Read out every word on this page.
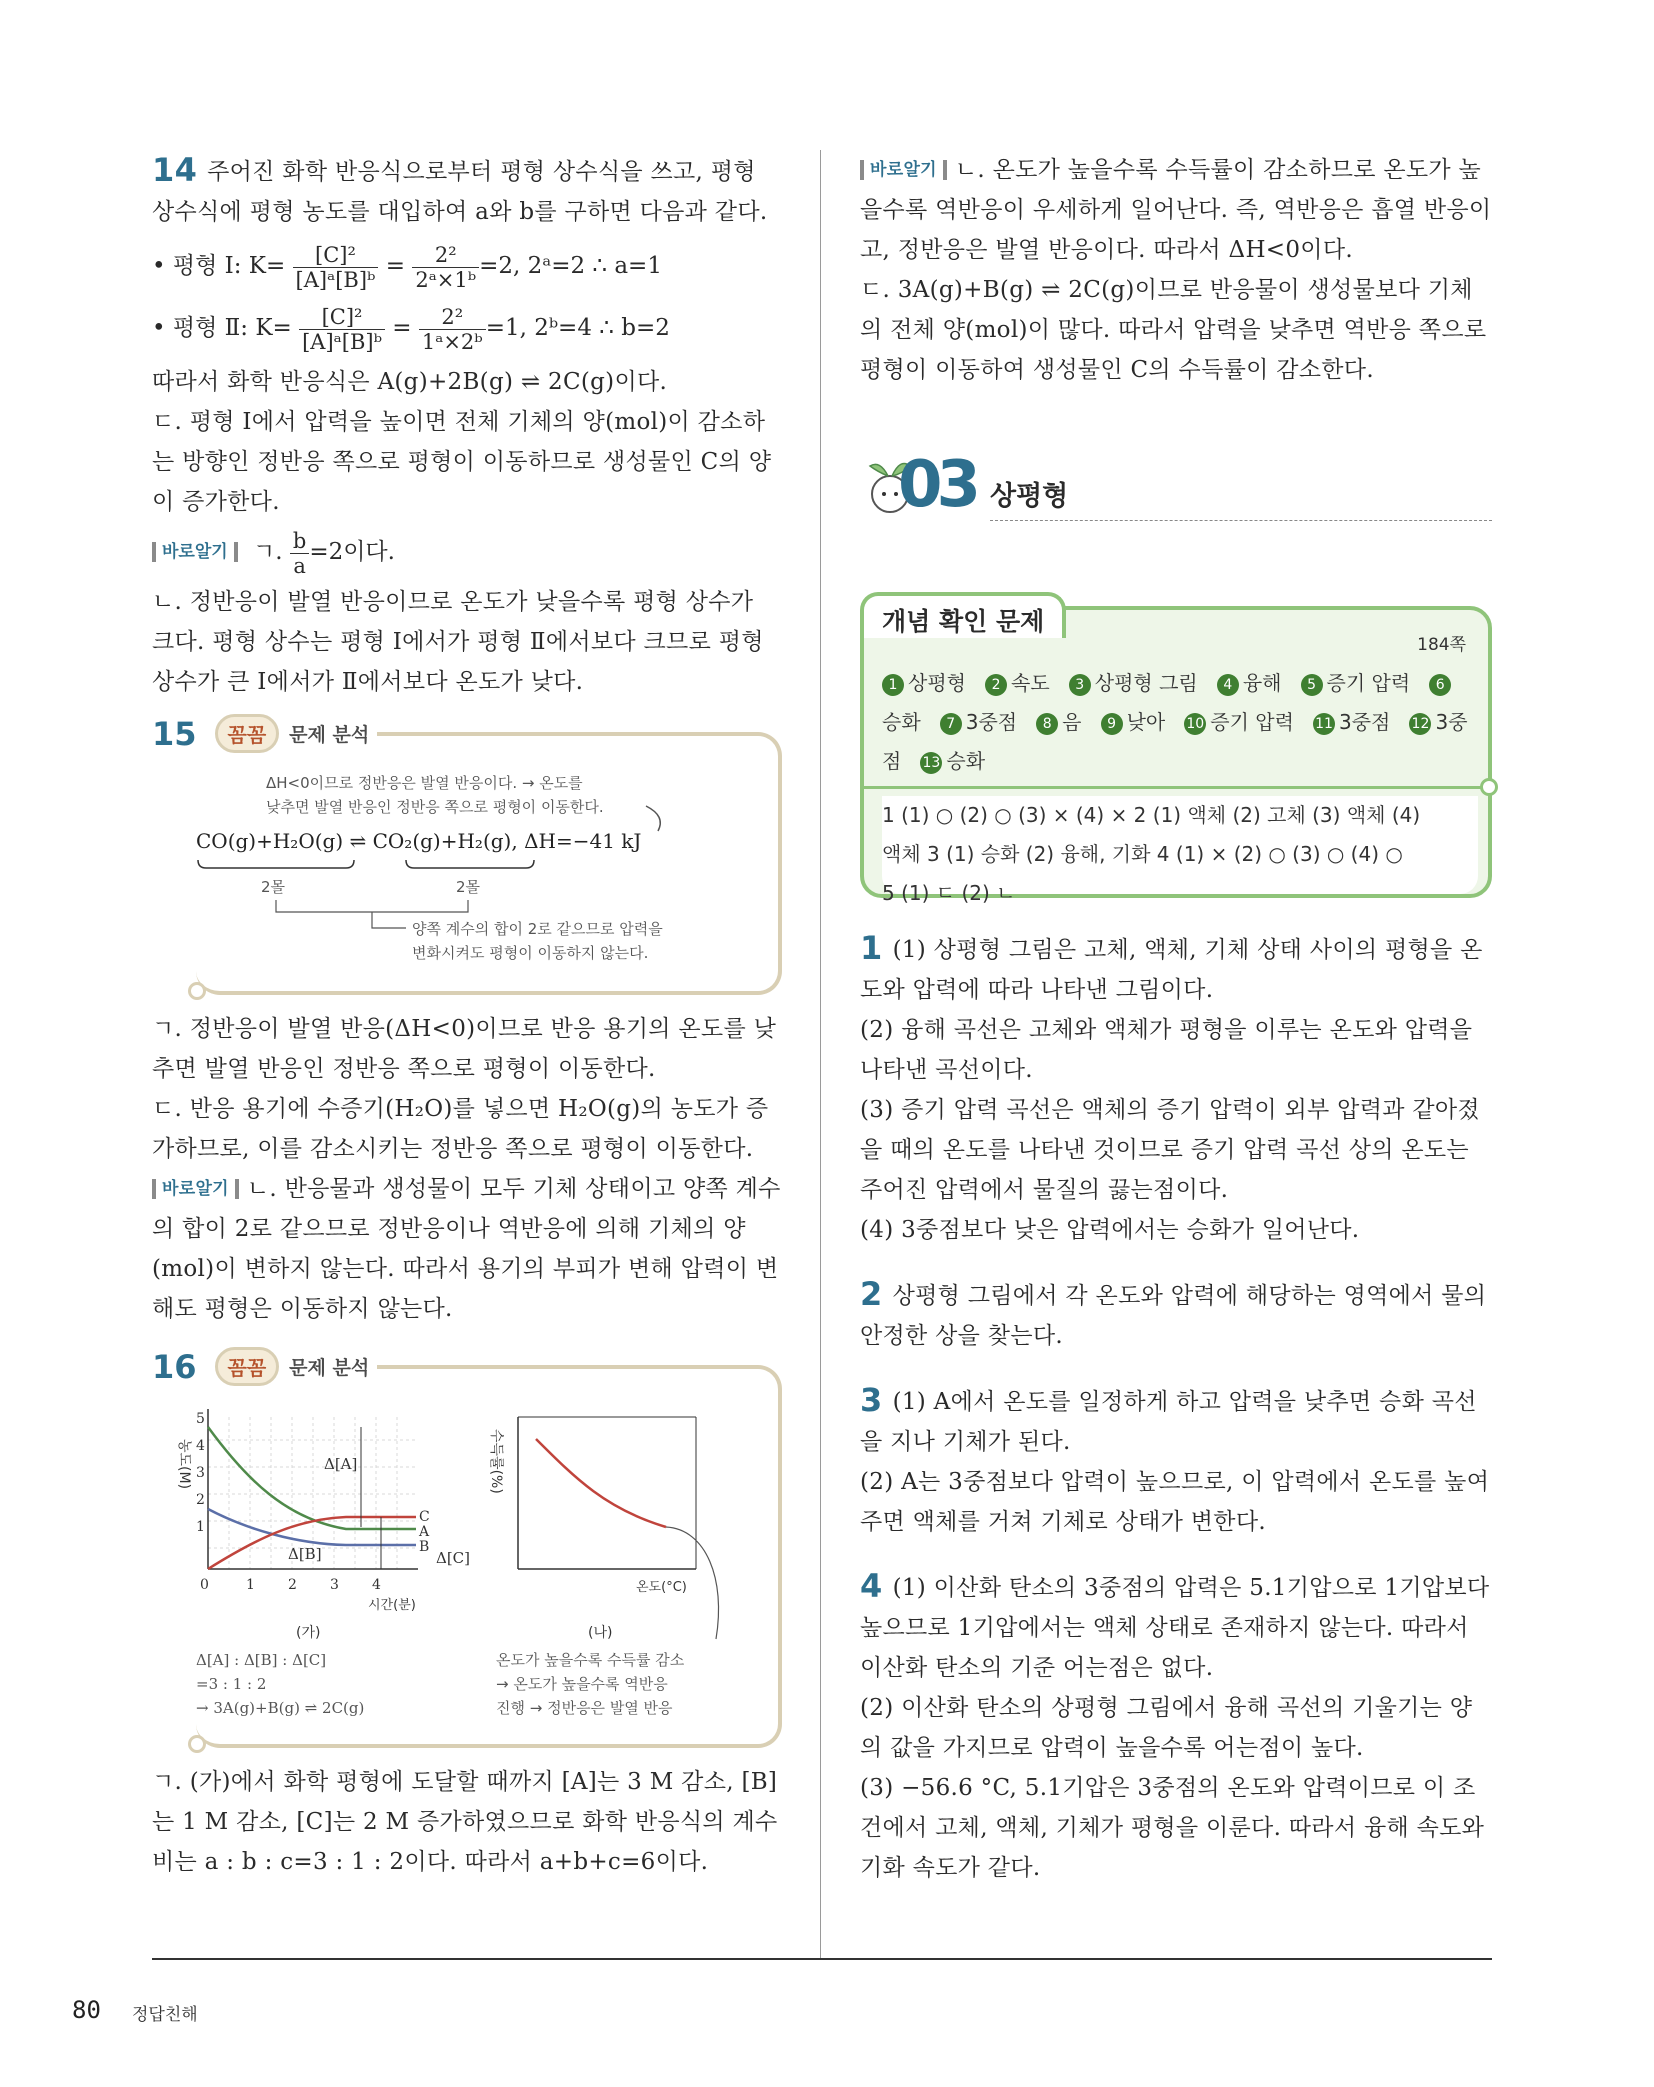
14 주어진 화학 반응식으로부터 평형 상수식을 쓰고, 평형 상수식에 평형 농도를 대입하여 a와 b를 구하면 다음과 같다.
• 평형 Ⅰ: $K= \frac{\text{[C]²}}{\text{[A]ᵃ[B]ᵇ}} = \frac{\text{2²}}{\text{2ᵃ×1ᵇ}} =2$, 2ᵃ=2 ∴ a=1
• 평형 Ⅱ: $K= \frac{\text{[C]²}}{\text{[A]ᵃ[B]ᵇ}} = \frac{\text{2²}}{\text{1ᵃ×2ᵇ}} =1$, 2ᵇ=4 ∴ b=2
따라서 화학 반응식은 A(g)+2B(g) ⇌ 2C(g)이다.
ㄷ. 평형 Ⅰ에서 압력을 높이면 전체 기체의 양(mol)이 감소하는 방향인 정반응 쪽으로 평형이 이동하므로 생성물인 C의 양이 증가한다.
바로알기 ㄱ. $\frac{b}{a} =2$이다.
ㄴ. 정반응이 발열 반응이므로 온도가 낮을수록 평형 상수가 크다. 평형 상수는 평형 Ⅰ에서가 평형 Ⅱ에서보다 크므로 평형 상수가 큰 Ⅰ에서가 Ⅱ에서보다 온도가 낮다.
15	꼼꼼	문제 분석
ΔH<0이므로 정반응은 발열 반응이다. → 온도를
낮추면 발열 반응인 정반응 쪽으로 평형이 이동한다.
CO(g)+H₂O(g) ⇌ CO₂(g)+H₂(g), ΔH=−41 kJ
2몰	2몰
양쪽 계수의 합이 2로 같으므로 압력을
변화시켜도 평형이 이동하지 않는다.
ㄱ. 정반응이 발열 반응(ΔH<0)이므로 반응 용기의 온도를 낮추면 발열 반응인 정반응 쪽으로 평형이 이동한다.
ㄷ. 반응 용기에 수증기(H₂O)를 넣으면 H₂O(g)의 농도가 증가하므로, 이를 감소시키는 정반응 쪽으로 평형이 이동한다.
바로알기 ㄴ. 반응물과 생성물이 모두 기체 상태이고 양쪽 계수의 합이 2로 같으므로 정반응이나 역반응에 의해 기체의 양(mol)이 변하지 않는다. 따라서 용기의 부피가 변해 압력이 변해도 평형은 이동하지 않는다.
16	꼼꼼	문제 분석
농도(M)
5
4
3
2
1
0	1 2 3 4
시간(분)
Δ[A]
Δ[B]	Δ[C]
C
A
B
(가)
Δ[A] : Δ[B] : Δ[C]
=3 : 1 : 2
→ 3A(g)+B(g) ⇌ 2C(g)
수득률(%)
온도(°C)
(나)
온도가 높을수록 수득률 감소
→ 온도가 높을수록 역반응
진행 → 정반응은 발열 반응
ㄱ. (가)에서 화학 평형에 도달할 때까지 [A]는 3 M 감소, [B]는 1 M 감소, [C]는 2 M 증가하였으므로 화학 반응식의 계수비는 a : b : c=3 : 1 : 2이다. 따라서 a+b+c=6이다.
바로알기 ㄴ. 온도가 높을수록 수득률이 감소하므로 온도가 높을수록 역반응이 우세하게 일어난다. 즉, 역반응은 흡열 반응이고, 정반응은 발열 반응이다. 따라서 ΔH<0이다.
ㄷ. 3A(g)+B(g) ⇌ 2C(g)이므로 반응물이 생성물보다 기체의 전체 양(mol)이 많다. 따라서 압력을 낮추면 역반응 쪽으로 평형이 이동하여 생성물인 C의 수득률이 감소한다.
03 상평형
개념 확인 문제
184쪽
1 상평형 2 속도 3 상평형 그림 4 융해 5 증기 압력 6승화 7 3중점 8 음 9 낮아 10 증기 압력 11 3중점 12 3중점 13 승화
1 (1) ○ (2) ○ (3) × (4) × 2 (1) 액체 (2) 고체 (3) 액체 (4)
액체 3 (1) 승화 (2) 융해, 기화 4 (1) × (2) ○ (3) ○ (4) ○
5 (1) ㄷ (2) ㄴ
1 (1) 상평형 그림은 고체, 액체, 기체 상태 사이의 평형을 온도와 압력에 따라 나타낸 그림이다.
(2) 융해 곡선은 고체와 액체가 평형을 이루는 온도와 압력을 나타낸 곡선이다.
(3) 증기 압력 곡선은 액체의 증기 압력이 외부 압력과 같아졌을 때의 온도를 나타낸 것이므로 증기 압력 곡선 상의 온도는 주어진 압력에서 물질의 끓는점이다.
(4) 3중점보다 낮은 압력에서는 승화가 일어난다.
2 상평형 그림에서 각 온도와 압력에 해당하는 영역에서 물의 안정한 상을 찾는다.
3 (1) A에서 온도를 일정하게 하고 압력을 낮추면 승화 곡선을 지나 기체가 된다.
(2) A는 3중점보다 압력이 높으므로, 이 압력에서 온도를 높여 주면 액체를 거쳐 기체로 상태가 변한다.
4 (1) 이산화 탄소의 3중점의 압력은 5.1기압으로 1기압보다 높으므로 1기압에서는 액체 상태로 존재하지 않는다. 따라서 이산화 탄소의 기준 어는점은 없다.
(2) 이산화 탄소의 상평형 그림에서 융해 곡선의 기울기는 양의 값을 가지므로 압력이 높을수록 어는점이 높다.
(3) −56.6 °C, 5.1기압은 3중점의 온도와 압력이므로 이 조건에서 고체, 액체, 기체가 평형을 이룬다. 따라서 융해 속도와 기화 속도가 같다.
80 정답친해
